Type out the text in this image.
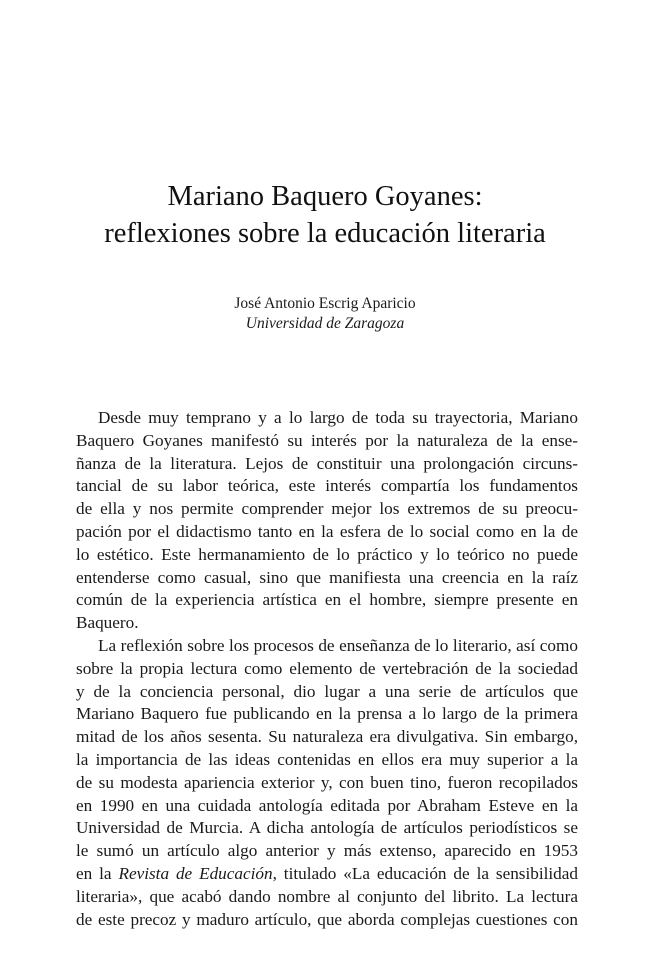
Mariano Baquero Goyanes:
reflexiones sobre la educación literaria
José Antonio Escrig Aparicio
Universidad de Zaragoza
Desde muy temprano y a lo largo de toda su trayectoria, Mariano
Baquero Goyanes manifestó su interés por la naturaleza de la ense-
ñanza de la literatura. Lejos de constituir una prolongación circuns-
tancial de su labor teórica, este interés compartía los fundamentos
de ella y nos permite comprender mejor los extremos de su preocu-
pación por el didactismo tanto en la esfera de lo social como en la de
lo estético. Este hermanamiento de lo práctico y lo teórico no puede
entenderse como casual, sino que manifiesta una creencia en la raíz
común de la experiencia artística en el hombre, siempre presente en
Baquero.
La reflexión sobre los procesos de enseñanza de lo literario, así como
sobre la propia lectura como elemento de vertebración de la sociedad
y de la conciencia personal, dio lugar a una serie de artículos que
Mariano Baquero fue publicando en la prensa a lo largo de la primera
mitad de los años sesenta. Su naturaleza era divulgativa. Sin embargo,
la importancia de las ideas contenidas en ellos era muy superior a la
de su modesta apariencia exterior y, con buen tino, fueron recopilados
en 1990 en una cuidada antología editada por Abraham Esteve en la
Universidad de Murcia. A dicha antología de artículos periodísticos se
le sumó un artículo algo anterior y más extenso, aparecido en 1953
en la Revista de Educación, titulado «La educación de la sensibilidad
literaria», que acabó dando nombre al conjunto del librito. La lectura
de este precoz y maduro artículo, que aborda complejas cuestiones con
